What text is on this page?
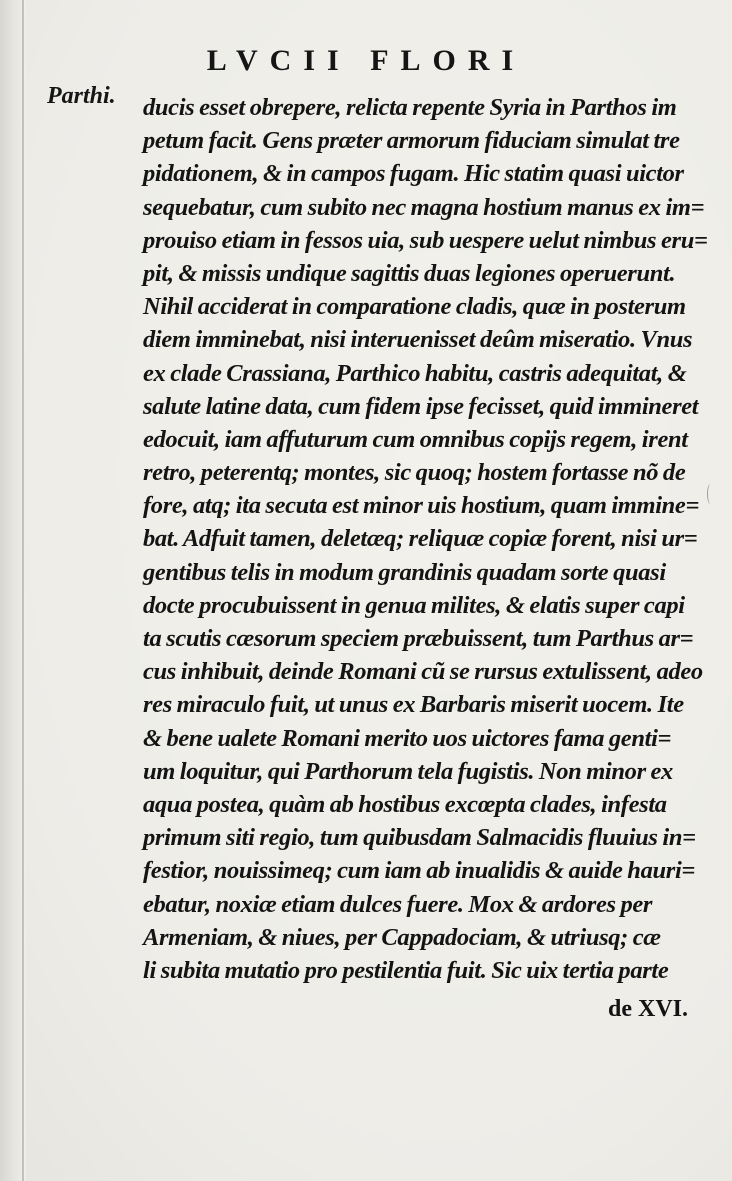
LVCII FLORI
Parthi. ducis esset obrepere, relicta repente Syria in Parthos im
petum facit. Gens præter armorum fiduciam simulat tre
pidationem, & in campos fugam. Hic statim quasi uictor
sequebatur, cum subito nec magna hostium manus ex im=
prouiso etiam in fessos uia, sub uespere uelut nimbus eru=
pit, & missis undique sagittis duas legiones operuerunt.
Nihil acciderat in comparatione cladis, quæ in posterum
diem imminebat, nisi interuenisset deûm miseratio. Vnus
ex clade Crassiana, Parthico habitu, castris adequitat, &
salute latine data, cum fidem ipse fecisset, quid immineret
edocuit, iam affuturum cum omnibus copijs regem, irent
retro, peterentq; montes, sic quoq; hostem fortasse nõ de
fore, atq; ita secuta est minor uis hostium, quam immine=
bat. Adfuit tamen, deletæq; reliquæ copiæ forent, nisi ur=
gentibus telis in modum grandinis quadam sorte quasi
docte procubuissent in genua milites, & elatis super capi
ta scutis cæsorum speciem præbuissent, tum Parthus ar=
cus inhibuit, deinde Romani cũ se rursus extulissent, adeo
res miraculo fuit, ut unus ex Barbaris miserit uocem. Ite
& bene ualete Romani merito uos uictores fama genti=
um loquitur, qui Parthorum tela fugistis. Non minor ex
aqua postea, quàm ab hostibus excœpta clades, infesta
primum siti regio, tum quibusdam Salmacidis fluuius in=
festior, nouissimeq; cum iam ab inualidis & auide hauri=
ebatur, noxiæ etiam dulces fuere. Mox & ardores per
Armeniam, & niues, per Cappadociam, & utriusq; cæ
li subita mutatio pro pestilentia fuit. Sic uix tertia parte
de XVI.
